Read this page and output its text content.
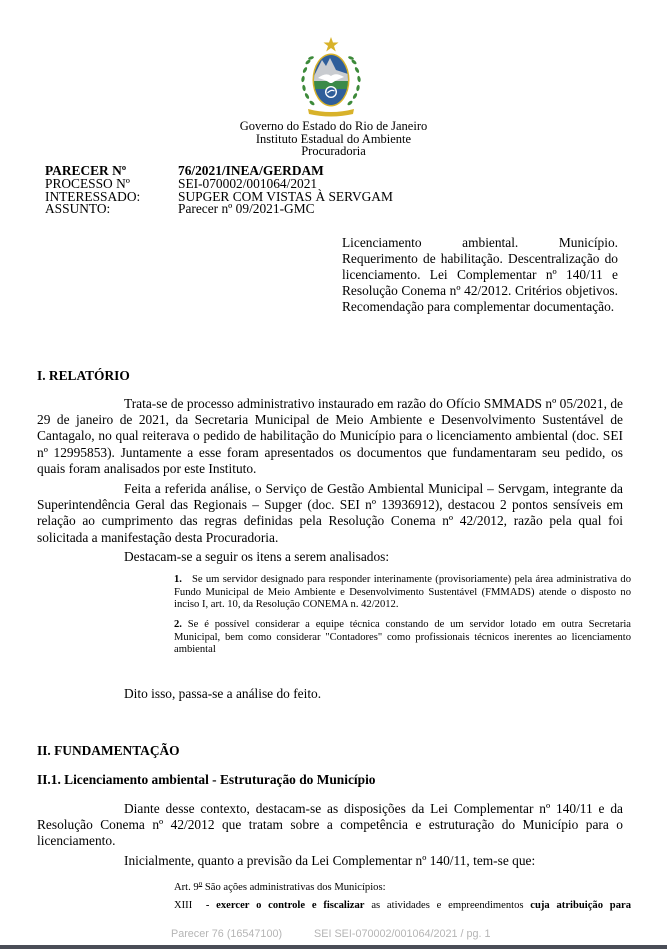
Governo do Estado do Rio de Janeiro
Instituto Estadual do Ambiente
Procuradoria
PARECER Nº	76/2021/INEA/GERDAM
PROCESSO Nº	SEI-070002/001064/2021
INTERESSADO:	SUPGER COM VISTAS À SERVGAM
ASSUNTO:	Parecer nº 09/2021-GMC
Licenciamento ambiental. Município. Requerimento de habilitação. Descentralização do licenciamento. Lei Complementar nº 140/11 e Resolução Conema nº 42/2012. Critérios objetivos. Recomendação para complementar documentação.
I. RELATÓRIO
Trata-se de processo administrativo instaurado em razão do Ofício SMMADS nº 05/2021, de 29 de janeiro de 2021, da Secretaria Municipal de Meio Ambiente e Desenvolvimento Sustentável de Cantagalo, no qual reiterava o pedido de habilitação do Município para o licenciamento ambiental (doc. SEI nº 12995853). Juntamente a esse foram apresentados os documentos que fundamentaram seu pedido, os quais foram analisados por este Instituto.
Feita a referida análise, o Serviço de Gestão Ambiental Municipal – Servgam, integrante da Superintendência Geral das Regionais – Supger (doc. SEI nº 13936912), destacou 2 pontos sensíveis em relação ao cumprimento das regras definidas pela Resolução Conema nº 42/2012, razão pela qual foi solicitada a manifestação desta Procuradoria.
Destacam-se a seguir os itens a serem analisados:
1. Se um servidor designado para responder interinamente (provisoriamente) pela área administrativa do Fundo Municipal de Meio Ambiente e Desenvolvimento Sustentável (FMMADS) atende o disposto no inciso I, art. 10, da Resolução CONEMA n. 42/2012.
2. Se é possível considerar a equipe técnica constando de um servidor lotado em outra Secretaria Municipal, bem como considerar "Contadores" como profissionais técnicos inerentes ao licenciamento ambiental
Dito isso, passa-se a análise do feito.
II. FUNDAMENTAÇÃO
II.1. Licenciamento ambiental - Estruturação do Município
Diante desse contexto, destacam-se as disposições da Lei Complementar nº 140/11 e da Resolução Conema nº 42/2012 que tratam sobre a competência e estruturação do Município para o licenciamento.
Inicialmente, quanto a previsão da Lei Complementar nº 140/11, tem-se que:
Art. 9$^o$ São ações administrativas dos Municípios:
XIII - exercer o controle e fiscalizar as atividades e empreendimentos cuja atribuição para
Parecer 76 (16547100)	SEI SEI-070002/001064/2021 / pg. 1
